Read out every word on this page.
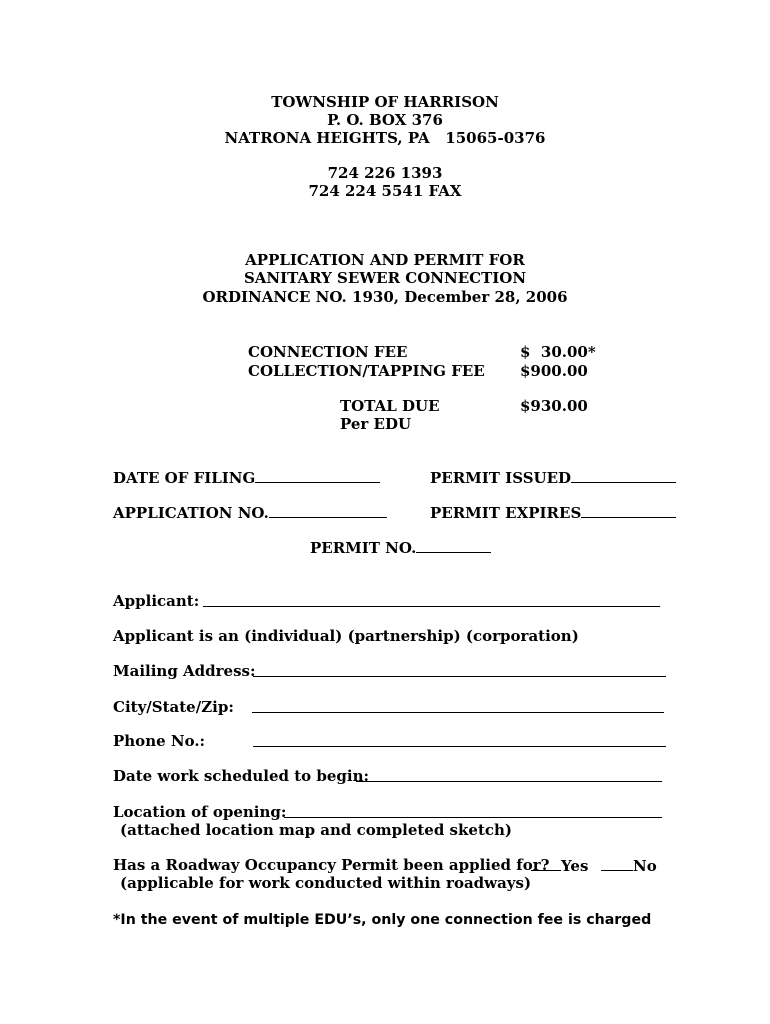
TOWNSHIP OF HARRISON
P. O. BOX 376
NATRONA HEIGHTS, PA   15065-0376
724 226 1393
724 224 5541 FAX
APPLICATION AND PERMIT FOR
SANITARY SEWER CONNECTION
ORDINANCE NO. 1930, December 28, 2006
CONNECTION FEE	$  30.00*
COLLECTION/TAPPING FEE $900.00
TOTAL DUE	$930.00
Per EDU
DATE OF FILING	PERMIT ISSUED
APPLICATION NO.	PERMIT EXPIRES
PERMIT NO.
Applicant:
Applicant is an (individual) (partnership) (corporation)
Mailing Address:
City/State/Zip:
Phone No.:
Date work scheduled to begin:
Location of opening:
(attached location map and completed sketch)
Has a Roadway Occupancy Permit been applied for? Yes	No
(applicable for work conducted within roadways)
*In the event of multiple EDU’s, only one connection fee is charged
